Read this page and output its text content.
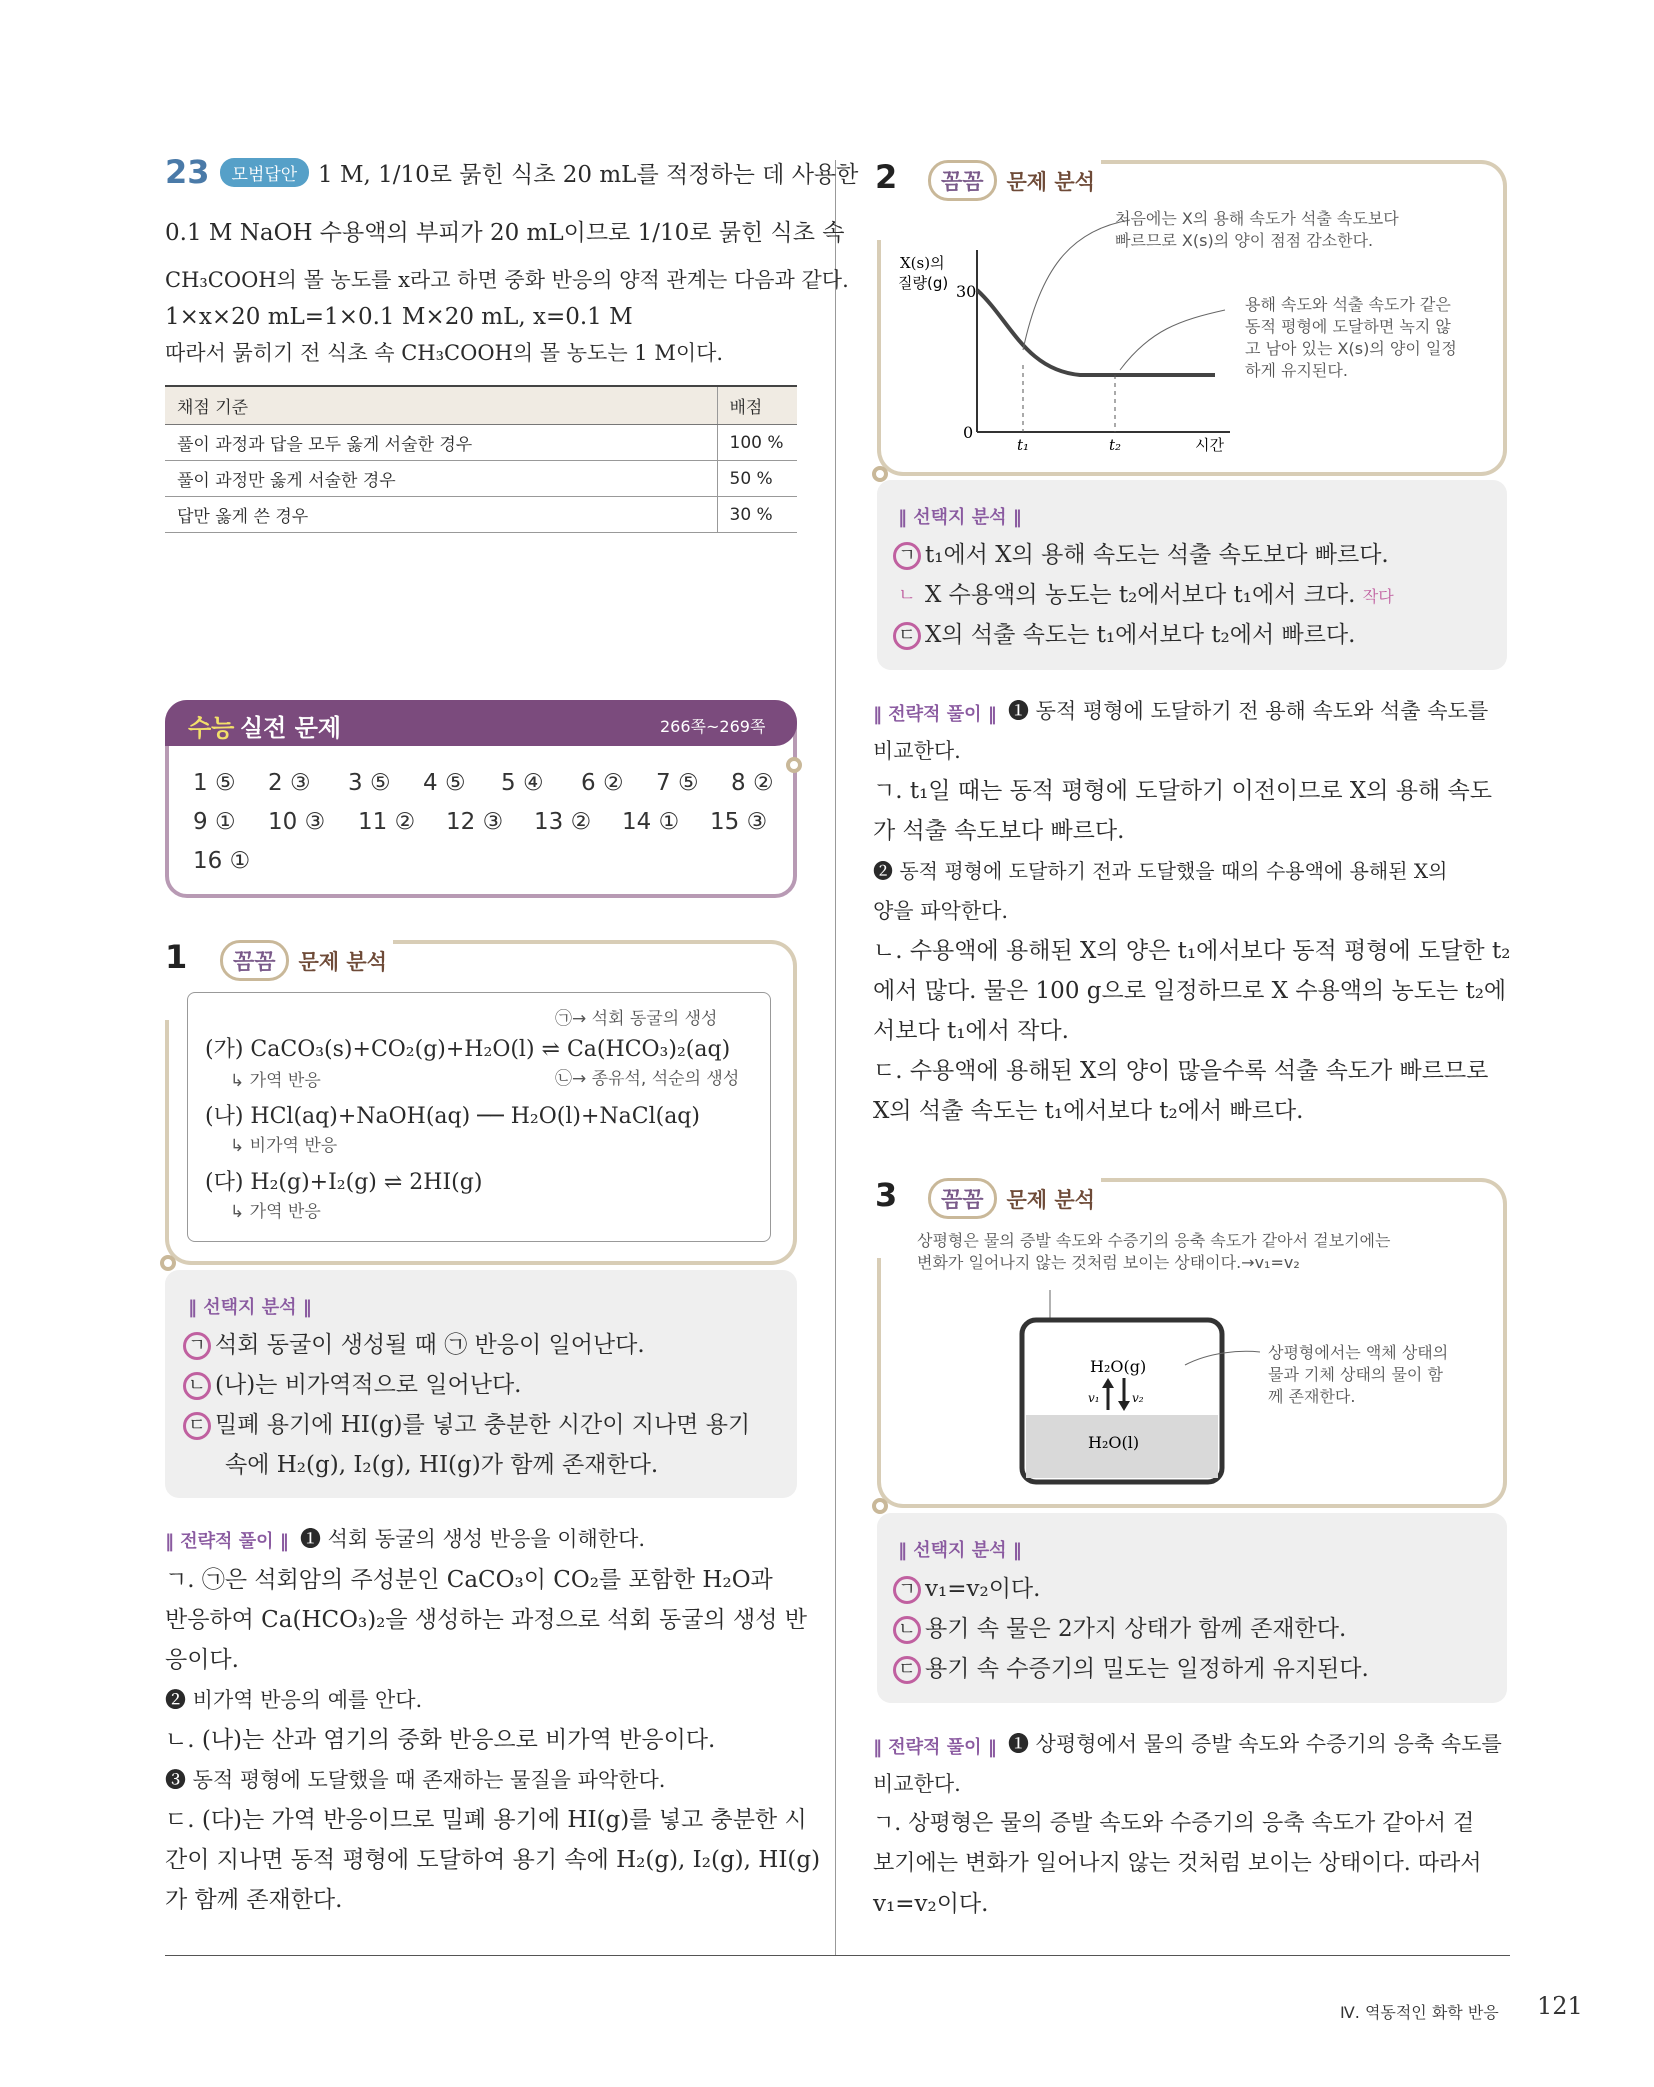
23	모범답안 1 M, 1/10로 묽힌 식초 20 mL를 적정하는 데 사용한
0.1 M NaOH 수용액의 부피가 20 mL이므로 1/10로 묽힌 식초 속
CH₃COOH의 몰 농도를 x라고 하면 중화 반응의 양적 관계는 다음과 같다.
1×x×20 mL=1×0.1 M×20 mL, x=0.1 M
따라서 묽히기 전 식초 속 CH₃COOH의 몰 농도는 1 M이다.
채점 기준	배점
풀이 과정과 답을 모두 옳게 서술한 경우	100 %
풀이 과정만 옳게 서술한 경우	50 %
답만 옳게 쓴 경우	30 %
수능 실전 문제	266쪽~269쪽
1 ⑤	2 ③	3 ⑤	4 ⑤	5 ④	6 ②	7 ⑤	8 ②
9 ①	10 ③	11 ②	12 ③	13 ②	14 ①	15 ③
16 ①
1	꼼꼼	문제 분석
㉠→ 석회 동굴의 생성
(가) CaCO₃(s)+CO₂(g)+H₂O(l) ⇌ Ca(HCO₃)₂(aq)
㉡→ 종유석, 석순의 생성
↳ 가역 반응
(나) HCl(aq)+NaOH(aq) ── H₂O(l)+NaCl(aq)
↳ 비가역 반응
(다) H₂(g)+I₂(g) ⇌ 2HI(g)
↳ 가역 반응
‖ 선택지 분석 ‖
ㄱ 석회 동굴이 생성될 때 ㉠ 반응이 일어난다.
ㄴ (나)는 비가역적으로 일어난다.
ㄷ 밀폐 용기에 HI(g)를 넣고 충분한 시간이 지나면 용기
속에 H₂(g), I₂(g), HI(g)가 함께 존재한다.
‖ 전략적 풀이 ‖ ❶ 석회 동굴의 생성 반응을 이해한다.
ㄱ. ㉠은 석회암의 주성분인 CaCO₃이 CO₂를 포함한 H₂O과
반응하여 Ca(HCO₃)₂을 생성하는 과정으로 석회 동굴의 생성 반
응이다.
❷ 비가역 반응의 예를 안다.
ㄴ. (나)는 산과 염기의 중화 반응으로 비가역 반응이다.
❸ 동적 평형에 도달했을 때 존재하는 물질을 파악한다.
ㄷ. (다)는 가역 반응이므로 밀폐 용기에 HI(g)를 넣고 충분한 시
간이 지나면 동적 평형에 도달하여 용기 속에 H₂(g), I₂(g), HI(g)
가 함께 존재한다.
2	꼼꼼	문제 분석
X(s)의
질량(g) 30
0
t₁	t₂	시간
처음에는 X의 용해 속도가 석출 속도보다
빠르므로 X(s)의 양이 점점 감소한다.
용해 속도와 석출 속도가 같은
동적 평형에 도달하면 녹지 않
고 남아 있는 X(s)의 양이 일정
하게 유지된다.
‖ 선택지 분석 ‖
ㄱ t₁에서 X의 용해 속도는 석출 속도보다 빠르다.
ㄴ X 수용액의 농도는 t₂에서보다 t₁에서 크다. 작다
ㄷ X의 석출 속도는 t₁에서보다 t₂에서 빠르다.
‖ 전략적 풀이 ‖ ❶ 동적 평형에 도달하기 전 용해 속도와 석출 속도를
비교한다.
ㄱ. t₁일 때는 동적 평형에 도달하기 이전이므로 X의 용해 속도
가 석출 속도보다 빠르다.
❷ 동적 평형에 도달하기 전과 도달했을 때의 수용액에 용해된 X의
양을 파악한다.
ㄴ. 수용액에 용해된 X의 양은 t₁에서보다 동적 평형에 도달한 t₂
에서 많다. 물은 100 g으로 일정하므로 X 수용액의 농도는 t₂에
서보다 t₁에서 작다.
ㄷ. 수용액에 용해된 X의 양이 많을수록 석출 속도가 빠르므로
X의 석출 속도는 t₁에서보다 t₂에서 빠르다.
3	꼼꼼	문제 분석
상평형은 물의 증발 속도와 수증기의 응축 속도가 같아서 겉보기에는
변화가 일어나지 않는 것처럼 보이는 상태이다.→v₁=v₂
H₂O(g)
H₂O(l)
v₁	v₂
상평형에서는 액체 상태의
물과 기체 상태의 물이 함
께 존재한다.
‖ 선택지 분석 ‖
ㄱ v₁=v₂이다.
ㄴ 용기 속 물은 2가지 상태가 함께 존재한다.
ㄷ 용기 속 수증기의 밀도는 일정하게 유지된다.
‖ 전략적 풀이 ‖ ❶ 상평형에서 물의 증발 속도와 수증기의 응축 속도를
비교한다.
ㄱ. 상평형은 물의 증발 속도와 수증기의 응축 속도가 같아서 겉
보기에는 변화가 일어나지 않는 것처럼 보이는 상태이다. 따라서
v₁=v₂이다.
Ⅳ. 역동적인 화학 반응 121
